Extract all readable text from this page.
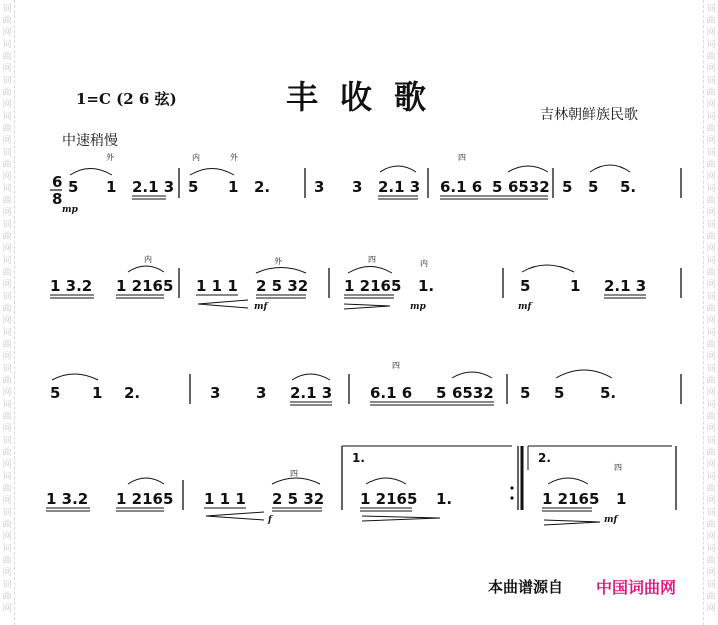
词
曲
网
词
曲
网
词
曲
网
词
曲
网
词
曲
网
词
曲
网
词
曲
网
词
曲
网
词
曲
网
词
曲
网
词
曲
网
词
曲
网
词
曲
网
词
曲
网
词
曲
网
词
曲
网
词
曲
网
词
曲
网
词
曲
网
词
曲
网
词
曲
网
词
曲
网
词
曲
网
词
曲
网
词
曲
网
词
曲
网
词
曲
网
词
曲
网
词
曲
网
词
曲
网
词
曲
网
词
曲
网
词
曲
网
词
曲
网
1=C (2 6 弦)	丰收歌	吉林朝鲜族民歌
中速稍慢
6
8
5 1 2.1 3 5 1 2.
内	外
外
3 3 2.1 3 6.1 6
四
5 6532 5 5 5.
mp
1 3.2 1 2165
内
1 1 1 2 5 32
外
mf
1 2165
四
1.
内
mp
5	1 2.1 3
mf
5 1 2.	3 3 2.1 3	6.1 6
四
5 6532 5 5 5.
1 3.2 1 2165 1 1 1 2 5 32
四
f
1.
1 2165 1.
2.
1 2165 1
mf
四
本曲谱源自 中国词曲网
